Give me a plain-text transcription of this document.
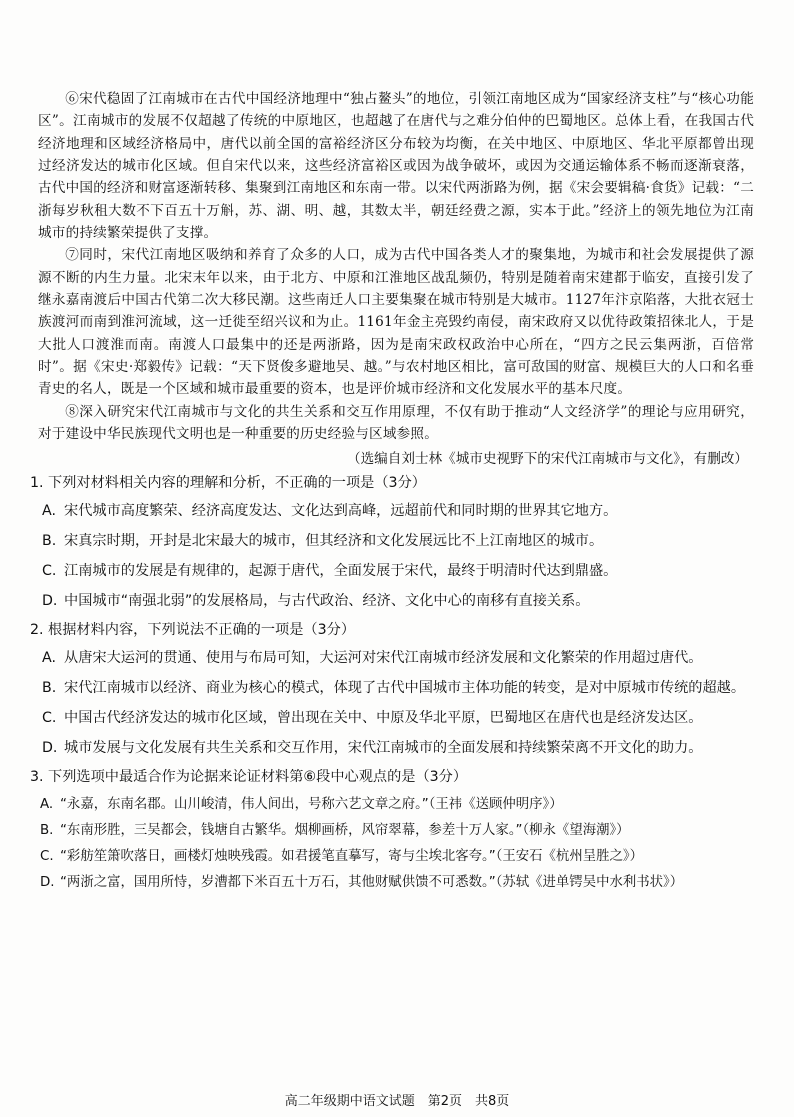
⑥宋代稳固了江南城市在古代中国经济地理中“独占鳌头”的地位，引领江南地区成为“国家经济支柱”与“核心功能区”。江南城市的发展不仅超越了传统的中原地区，也超越了在唐代与之难分伯仲的巴蜀地区。总体上看，在我国古代经济地理和区域经济格局中，唐代以前全国的富裕经济区分布较为均衡，在关中地区、中原地区、华北平原都曾出现过经济发达的城市化区域。但自宋代以来，这些经济富裕区或因为战争破坏，或因为交通运输体系不畅而逐渐衰落，古代中国的经济和财富逐渐转移、集聚到江南地区和东南一带。以宋代两浙路为例，据《宋会要辑稿·食货》记载：“二浙每岁秋租大数不下百五十万斛，苏、湖、明、越，其数太半，朝廷经费之源，实本于此。”经济上的领先地位为江南城市的持续繁荣提供了支撑。

⑦同时，宋代江南地区吸纳和养育了众多的人口，成为古代中国各类人才的聚集地，为城市和社会发展提供了源源不断的内生力量。北宋末年以来，由于北方、中原和江淮地区战乱频仍，特别是随着南宋建都于临安，直接引发了继永嘉南渡后中国古代第二次大移民潮。这些南迁人口主要集聚在城市特别是大城市。1127年汴京陷落，大批衣冠士族渡河而南到淮河流域，这一迁徙至绍兴议和为止。1161年金主亮毁约南侵，南宋政府又以优待政策招徕北人，于是大批人口渡淮而南。南渡人口最集中的还是两浙路，因为是南宋政权政治中心所在，“四方之民云集两浙，百倍常时”。据《宋史·郑毅传》记载：“天下贤俊多避地吴、越。”与农村地区相比，富可敌国的财富、规模巨大的人口和名垂青史的名人，既是一个区域和城市最重要的资本，也是评价城市经济和文化发展水平的基本尺度。

⑧深入研究宋代江南城市与文化的共生关系和交互作用原理，不仅有助于推动“人文经济学”的理论与应用研究，对于建设中华民族现代文明也是一种重要的历史经验与区域参照。

（选编自刘士林《城市史视野下的宋代江南城市与文化》，有删改）

1. 下列对材料相关内容的理解和分析，不正确的一项是（3分）

A. 宋代城市高度繁荣、经济高度发达、文化达到高峰，远超前代和同时期的世界其它地方。
B. 宋真宗时期，开封是北宋最大的城市，但其经济和文化发展远比不上江南地区的城市。
C. 江南城市的发展是有规律的，起源于唐代，全面发展于宋代，最终于明清时代达到鼎盛。
D. 中国城市“南强北弱”的发展格局，与古代政治、经济、文化中心的南移有直接关系。

2. 根据材料内容，下列说法不正确的一项是（3分）

A. 从唐宋大运河的贯通、使用与布局可知，大运河对宋代江南城市经济发展和文化繁荣的作用超过唐代。
B. 宋代江南城市以经济、商业为核心的模式，体现了古代中国城市主体功能的转变，是对中原城市传统的超越。
C. 中国古代经济发达的城市化区域，曾出现在关中、中原及华北平原，巴蜀地区在唐代也是经济发达区。
D. 城市发展与文化发展有共生关系和交互作用，宋代江南城市的全面发展和持续繁荣离不开文化的助力。

3. 下列选项中最适合作为论据来论证材料第⑥段中心观点的是（3分）

A. “永嘉，东南名郡。山川峻清，伟人间出，号称六艺文章之府。”（王祎《送顾仲明序》）
B. “东南形胜，三吴都会，钱塘自古繁华。烟柳画桥，风帘翠幕，参差十万人家。”（柳永《望海潮》）
C. “彩舫笙箫吹落日，画楼灯烛映残霞。如君援笔直摹写，寄与尘埃北客夸。”（王安石《杭州呈胜之》）
D. “两浙之富，国用所恃，岁漕都下米百五十万石，其他财赋供馈不可悉数。”（苏轼《进单锷吴中水利书状》）
高二年级期中语文试题　第2页　共8页
